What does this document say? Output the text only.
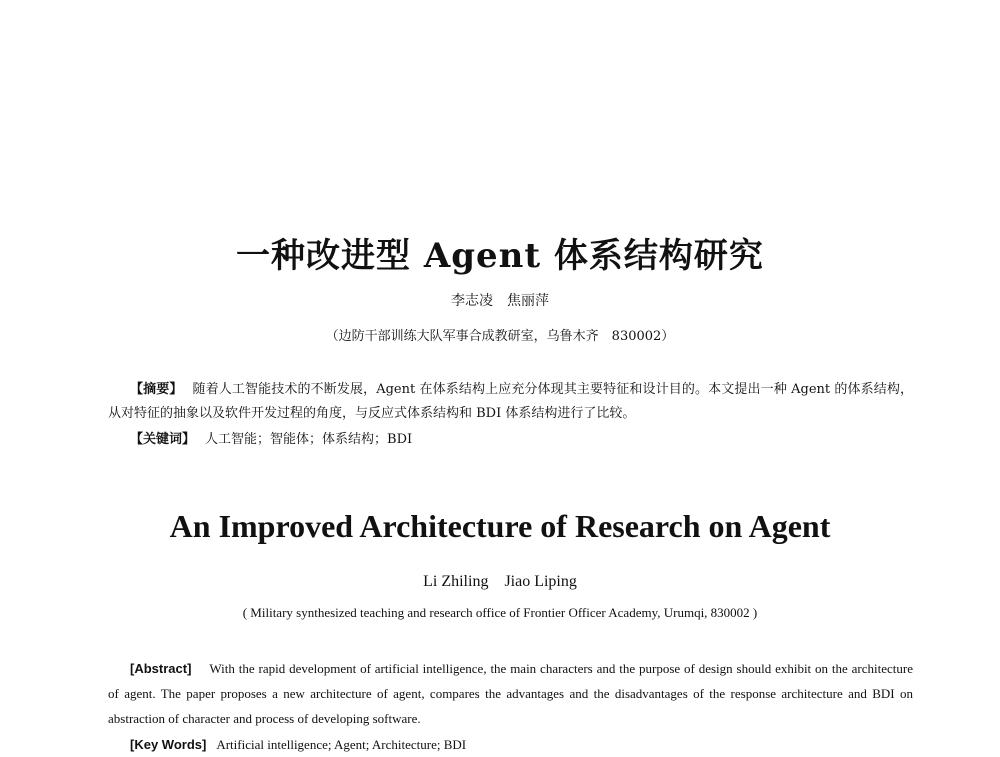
一种改进型 Agent 体系结构研究
李志凌　焦丽萍
（边防干部训练大队军事合成教研室，乌鲁木齐　830002）
【摘要】 随着人工智能技术的不断发展，Agent 在体系结构上应充分体现其主要特征和设计目的。本文提出一种 Agent 的体系结构，从对特征的抽象以及软件开发过程的角度，与反应式体系结构和 BDI 体系结构进行了比较。
【关键词】 人工智能；智能体；体系结构；BDI
An Improved Architecture of Research on Agent
Li Zhiling　Jiao Liping
( Military synthesized teaching and research office of Frontier Officer Academy, Urumqi, 830002 )
[Abstract] With the rapid development of artificial intelligence, the main characters and the purpose of design should exhibit on the architecture of agent. The paper proposes a new architecture of agent, compares the advantages and the disadvantages of the response architecture and BDI on abstraction of character and process of developing software.
[Key Words] Artificial intelligence; Agent; Architecture; BDI
